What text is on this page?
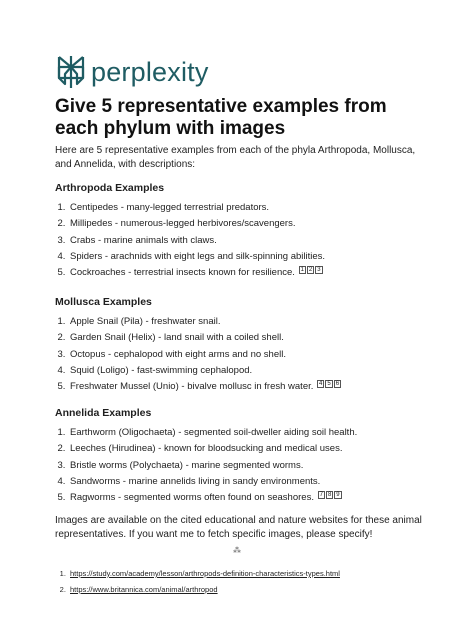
perplexity
Give 5 representative examples from each phylum with images

Here are 5 representative examples from each of the phyla Arthropoda, Mollusca, and Annelida, with descriptions:

Arthropoda Examples

1. Centipedes - many-legged terrestrial predators.
2. Millipedes - numerous-legged herbivores/scavengers.
3. Crabs - marine animals with claws.
4. Spiders - arachnids with eight legs and silk-spinning abilities.
5. Cockroaches - terrestrial insects known for resilience. $^{1 2 3}$

Mollusca Examples

1. Apple Snail (Pila) - freshwater snail.
2. Garden Snail (Helix) - land snail with a coiled shell.
3. Octopus - cephalopod with eight arms and no shell.
4. Squid (Loligo) - fast-swimming cephalopod.
5. Freshwater Mussel (Unio) - bivalve mollusc in fresh water. $^{4 5 6}$

Annelida Examples

1. Earthworm (Oligochaeta) - segmented soil-dweller aiding soil health.
2. Leeches (Hirudinea) - known for bloodsucking and medical uses.
3. Bristle worms (Polychaeta) - marine segmented worms.
4. Sandworms - marine annelids living in sandy environments.
5. Ragworms - segmented worms often found on seashores. $^{7 8 9}$

Images are available on the cited educational and nature websites for these animal representatives. If you want me to fetch specific images, please specify!

⁂
1. https://study.com/academy/lesson/arthropods-definition-characteristics-types.html
2. https://www.britannica.com/animal/arthropod
